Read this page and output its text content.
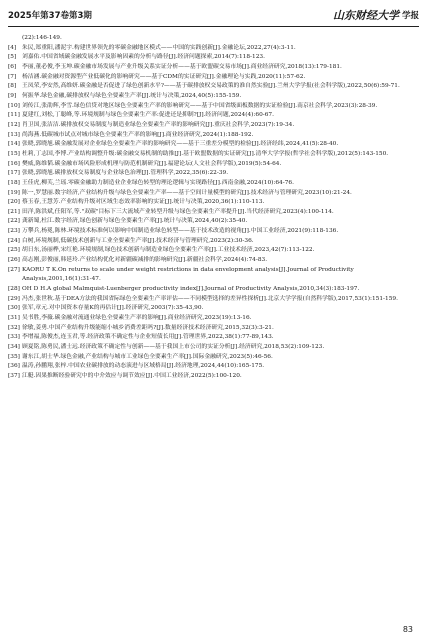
2025年第37卷第3期	山东财经大学 学报
(22):146-149.
[4] 朱民,郑重阳,潘泥宇.构建世界领先的零碳金融地区模式——中国的实践创新[J].金融论坛,2022,27(4):3-11.
[5] 刘嘉佑.中国省域碳金融发展水平及影响因素的分析与路径[J].经济问题探索,2014(7):118-123.
[6] 李丽,董必俊,李玉坤.碳金融市场发展与产业升级关系实证分析——基于欧盟碳交易市场[J].商业经济研究,2018(13):179-181.
[7] 杨洁涵.碳金融对资源型产业低碳化的影响研究——基于CDM的实证研究[J].金融理论与实践,2020(11):57-62.
[8] 王凤荣,李安然,高维妍.碳金融是否促进了绿色创新水平?——基于碳排放权交易政策的准自然实验[J].兰州大学学报(社会科学版),2022,50(6):59-71.
[9] 何振华.绿色金融,碳排放权与绿色全要素生产率[J].统计与决策,2024,40(5):155-159.
[10] 刘传江,张劭辉,李雪.绿色信贷对地区绿色全要素生产率的影响研究——基于中国省级面板数据的实证检验[J].南京社会科学,2023(3):28-39.
[11] 夏建红,刘松,丁聪峰,等.环境规制与绿色全要素生产率:促进还是抑制?[J].经济问题,2024(4):60-67.
[12] 肖卫国,张洁洁.碳排放权交易制度与制造业绿色全要素生产率的影响研究[J].重庆社会科学,2023(7):19-34.
[13] 尚海燕.低碳城市试点对城市绿色全要素生产率的影响[J].商业经济研究,2024(1):188-192.
[14] 张晓,郭晓旭.碳金融发展对企业绿色全要素生产率的影响研究——基于三重差分模型的检验[J].经济经纬,2024,41(5):28-40.
[15] 杜莉,丁志国,李博.产业结构调整升级:碳金融交易机制的助推[J].基于欧盟数据的实证研究[J].清华大学学报(哲学社会科学版),2012(5):143-150.
[16] 樊威,陈维韬.碳金融市场风险形成机理与防范机制研究[J].福建论坛(人文社会科学版),2019(5):54-64.
[17] 张晓,郭晓旭.碳排放权交易制度与企业绿色治理[J].管理科学,2022,35(6):22-39.
[18] 王佳虎,柳芙,兰瑶.零碳金融助力制造业企业绿色转型的理论逻辑与实现路径[J].西南金融,2024(10):64-76.
[19] 陈一,罗慧丽.数字经济,产业结构升级与绿色全要素生产率——基于空间计量模型的研究[J].技术经济与管理研究,2023(10):21-24.
[20] 蔡玉春,王慧芳.产业结构升级对区域生态效率影响的实证[J].统计与决策,2020,36(1):110-113.
[21] 田洋,陈洪斌,任阳军,等."双碳"目标下三大流域产业转型升级与绿色全要素生产率提升[J].当代经济研究,2023(4):100-114.
[22] 龚新蜀,杜江.数字经济,绿色创新与绿色全要素生产率[J].统计与决策,2024,40(2):35-40.
[23] 万攀兵,杨冕,陈林.环境技术标准何以影响中国制造业绿色转型——基于技术改造的视角[J].中国工业经济,2021(9):118-136.
[24] 白树,环境规制,低碳技术创新与工业全要素生产率[J].技术经济与管理研究,2023(2):30-36.
[25] 胡日东,汤丽桦,宋红艳.环境规制,绿色技术创新与制造业绿色全要素生产率[J].工业技术经济,2023,42(7):113-122.
[26] 高志刚,彭俊丽,韩延玲.产业结构优化对新疆碳减排的影响研究[J].新疆社会科学,2024(4):74-83.
[27] KAORU T K.On returns to scale under weight restrictions in data envelopment analysis[J].Journal of Productivity Analysis,2001,16(1):31-47.
[28] OH D H.A global Malmquist-Luenberger productivity index[J].Journal of Productivity Analysis,2010,34(3):183-197.
[29] 冯杰,张世秋.基于DEA方法的我国省际绿色全要素生产率评估——不同模型选择的差异性探析[J].北京大学学报(自然科学版),2017,53(1):151-159.
[30] 张军,章元.对中国资本存量K的再估计[J].经济研究,2003(7):35-43,90.
[31] 吴书胜,李薇.碳金融对流通业绿色全要素生产率的影响[J].商业经济研究,2023(19):13-16.
[32] 徐敏,姜勇.中国产业结构升级能缩小城乡消费差距吗?[J].数量经济技术经济研究,2015,32(3):3-21.
[33] 李增福,陈俊杰,连玉君,等.经济政策不确定性与企业短债长用[J].管理世界,2022,38(1):77-89,143.
[34] 顾夏铭,陈勇民,潘士远.经济政策不确定性与创新——基于我国上市公司的实证分析[J].经济研究,2018,53(2):109-123.
[35] 谢东江,胡士华.绿色金融,产业结构与城市工业绿色全要素生产率[J].国际金融研究,2023(5):46-56.
[36] 温涛,孙鹏翔,张梓.中国农业碳排放的动态演进与区域格局[J].经济地理,2024,44(10):165-175.
[37] 江艇.因果推断经验研究中的中介效应与调节效应[J].中国工业经济,2022(5):100-120.
83
